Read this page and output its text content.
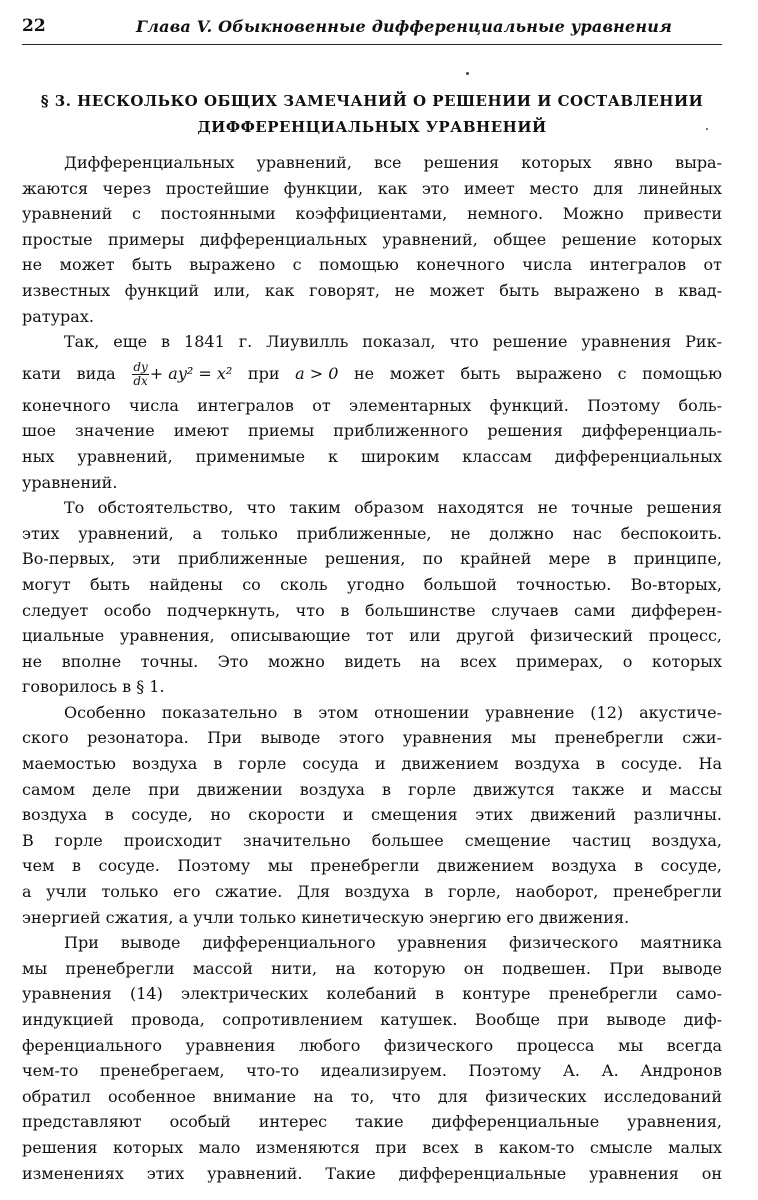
22	Глава V. Обыкновенные дифференциальные уравнения
§ 3. НЕСКОЛЬКО ОБЩИХ ЗАМЕЧАНИЙ О РЕШЕНИИ И СОСТАВЛЕНИИ
ДИФФЕРЕНЦИАЛЬНЫХ УРАВНЕНИЙ
Дифференциальных уравнений, все решения которых явно выра-
жаются через простейшие функции, как это имеет место для линейных
уравнений с постоянными коэффициентами, немного. Можно привести
простые примеры дифференциальных уравнений, общее решение которых
не может быть выражено с помощью конечного числа интегралов от
известных функций или, как говорят, не может быть выражено в квад-
ратурах.
Так, еще в 1841 г. Лиувилль показал, что решение уравнения Рик-
кати вида $\frac{dy}{dx} + ay^2 = x^2$ при a > 0 не может быть выражено с помощью
конечного числа интегралов от элементарных функций. Поэтому боль-
шое значение имеют приемы приближенного решения дифференциаль-
ных уравнений, применимые к широким классам дифференциальных
уравнений.
То обстоятельство, что таким образом находятся не точные решения
этих уравнений, а только приближенные, не должно нас беспокоить.
Во-первых, эти приближенные решения, по крайней мере в принципе,
могут быть найдены со сколь угодно большой точностью. Во-вторых,
следует особо подчеркнуть, что в большинстве случаев сами дифферен-
циальные уравнения, описывающие тот или другой физический процесс,
не вполне точны. Это можно видеть на всех примерах, о которых
говорилось в § 1.
Особенно показательно в этом отношении уравнение (12) акустиче-
ского резонатора. При выводе этого уравнения мы пренебрегли сжи-
маемостью воздуха в горле сосуда и движением воздуха в сосуде. На
самом деле при движении воздуха в горле движутся также и массы
воздуха в сосуде, но скорости и смещения этих движений различны.
В горле происходит значительно большее смещение частиц воздуха,
чем в сосуде. Поэтому мы пренебрегли движением воздуха в сосуде,
а учли только его сжатие. Для воздуха в горле, наоборот, пренебрегли
энергией сжатия, а учли только кинетическую энергию его движения.
При выводе дифференциального уравнения физического маятника
мы пренебрегли массой нити, на которую он подвешен. При выводе
уравнения (14) электрических колебаний в контуре пренебрегли само-
индукцией провода, сопротивлением катушек. Вообще при выводе диф-
ференциального уравнения любого физического процесса мы всегда
чем-то пренебрегаем, что-то идеализируем. Поэтому А. А. Андронов
обратил особенное внимание на то, что для физических исследований
представляют особый интерес такие дифференциальные уравнения,
решения которых мало изменяются при всех в каком-то смысле малых
изменениях этих уравнений. Такие дифференциальные уравнения он
